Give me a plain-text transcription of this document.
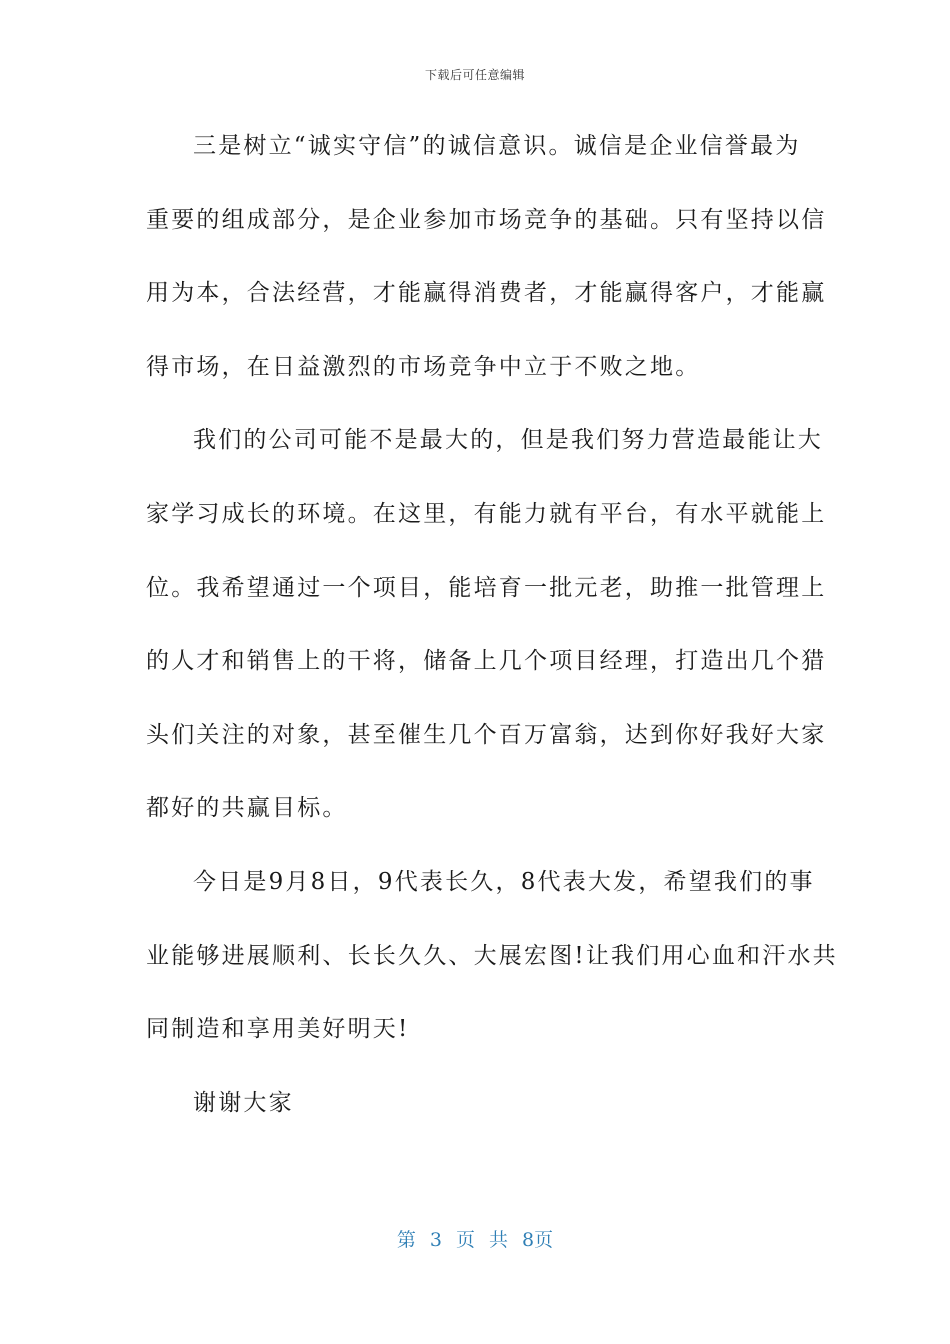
下载后可任意编辑
三是树立“诚实守信”的诚信意识。诚信是企业信誉最为
重要的组成部分，是企业参加市场竞争的基础。只有坚持以信
用为本，合法经营，才能赢得消费者，才能赢得客户，才能赢
得市场，在日益激烈的市场竞争中立于不败之地。
我们的公司可能不是最大的，但是我们努力营造最能让大
家学习成长的环境。在这里，有能力就有平台，有水平就能上
位。我希望通过一个项目，能培育一批元老，助推一批管理上
的人才和销售上的干将，储备上几个项目经理，打造出几个猎
头们关注的对象，甚至催生几个百万富翁，达到你好我好大家
都好的共赢目标。
今日是9月8日，9代表长久，8代表大发，希望我们的事
业能够进展顺利、长长久久、大展宏图!让我们用心血和汗水共
同制造和享用美好明天!
谢谢大家
第 3 页 共 8页
